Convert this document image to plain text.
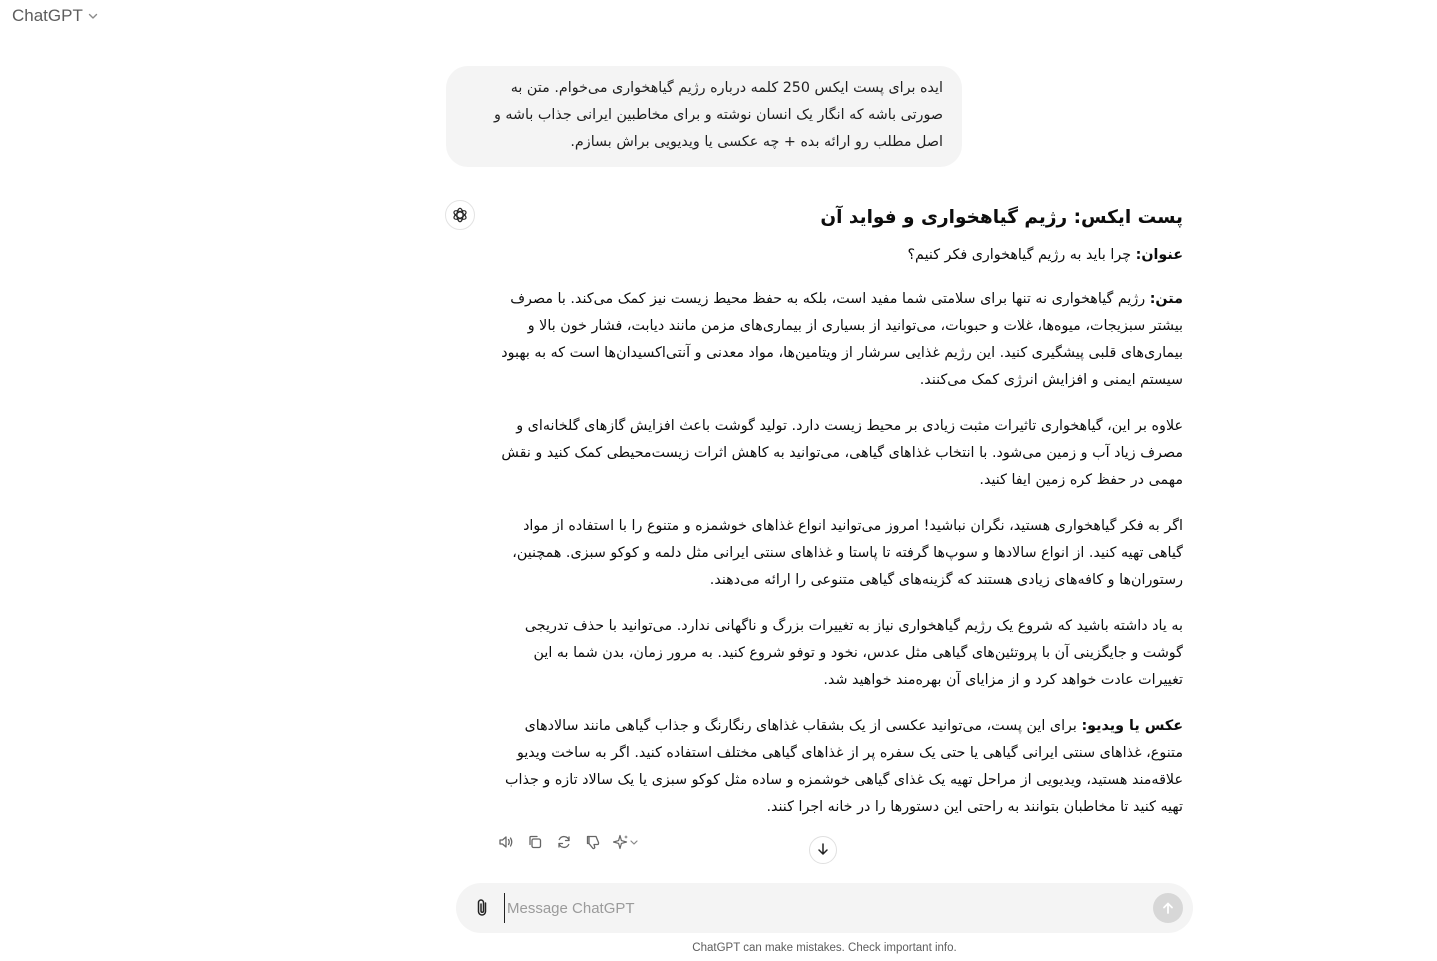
ChatGPT
ایده برای پست ایکس 250 کلمه درباره رژیم گیاهخواری می‌خوام. متن به صورتی باشه که انگار یک انسان نوشته و برای مخاطبین ایرانی جذاب باشه و اصل مطلب رو ارائه بده + چه عکسی یا ویدیویی براش بسازم.
پست ایکس: رژیم گیاهخواری و فواید آن

عنوان: چرا باید به رژیم گیاهخواری فکر کنیم؟

متن: رژیم گیاهخواری نه تنها برای سلامتی شما مفید است، بلکه به حفظ محیط زیست نیز کمک می‌کند. با مصرف بیشتر سبزیجات، میوه‌ها، غلات و حبوبات، می‌توانید از بسیاری از بیماری‌های مزمن مانند دیابت، فشار خون بالا و بیماری‌های قلبی پیشگیری کنید. این رژیم غذایی سرشار از ویتامین‌ها، مواد معدنی و آنتی‌اکسیدان‌ها است که به بهبود سیستم ایمنی و افزایش انرژی کمک می‌کنند.

علاوه بر این، گیاهخواری تاثیرات مثبت زیادی بر محیط زیست دارد. تولید گوشت باعث افزایش گازهای گلخانه‌ای و مصرف زیاد آب و زمین می‌شود. با انتخاب غذاهای گیاهی، می‌توانید به کاهش اثرات زیست‌محیطی کمک کنید و نقش مهمی در حفظ کره زمین ایفا کنید.

اگر به فکر گیاهخواری هستید، نگران نباشید! امروز می‌توانید انواع غذاهای خوشمزه و متنوع را با استفاده از مواد گیاهی تهیه کنید. از انواع سالادها و سوپ‌ها گرفته تا پاستا و غذاهای سنتی ایرانی مثل دلمه و کوکو سبزی. همچنین، رستوران‌ها و کافه‌های زیادی هستند که گزینه‌های گیاهی متنوعی را ارائه می‌دهند.

به یاد داشته باشید که شروع یک رژیم گیاهخواری نیاز به تغییرات بزرگ و ناگهانی ندارد. می‌توانید با حذف تدریجی گوشت و جایگزینی آن با پروتئین‌های گیاهی مثل عدس، نخود و توفو شروع کنید. به مرور زمان، بدن شما به این تغییرات عادت خواهد کرد و از مزایای آن بهره‌مند خواهید شد.

عکس یا ویدیو: برای این پست، می‌توانید عکسی از یک بشقاب غذاهای رنگارنگ و جذاب گیاهی مانند سالادهای متنوع، غذاهای سنتی ایرانی گیاهی یا حتی یک سفره پر از غذاهای گیاهی مختلف استفاده کنید. اگر به ساخت ویدیو علاقه‌مند هستید، ویدیویی از مراحل تهیه یک غذای گیاهی خوشمزه و ساده مثل کوکو سبزی یا یک سالاد تازه و جذاب تهیه کنید تا مخاطبان بتوانند به راحتی این دستورها را در خانه اجرا کنند.

Message ChatGPT
ChatGPT can make mistakes. Check important info.
